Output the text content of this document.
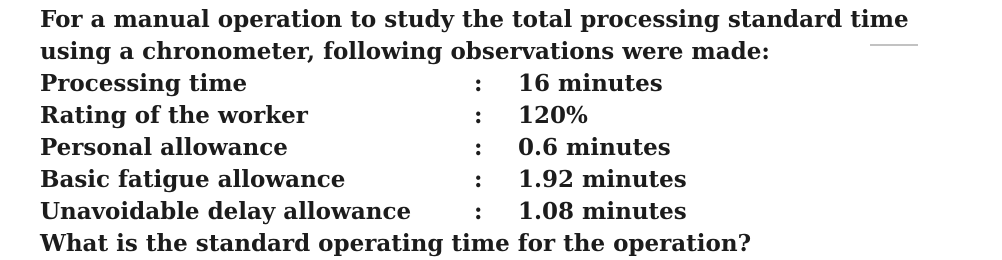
For a manual operation to study the total processing standard time
using a chronometer, following observations were made:
Processing time	: 16 minutes
Rating of the worker	: 120%
Personal allowance	: 0.6 minutes
Basic fatigue allowance	: 1.92 minutes
Unavoidable delay allowance	: 1.08 minutes
What is the standard operating time for the operation?
